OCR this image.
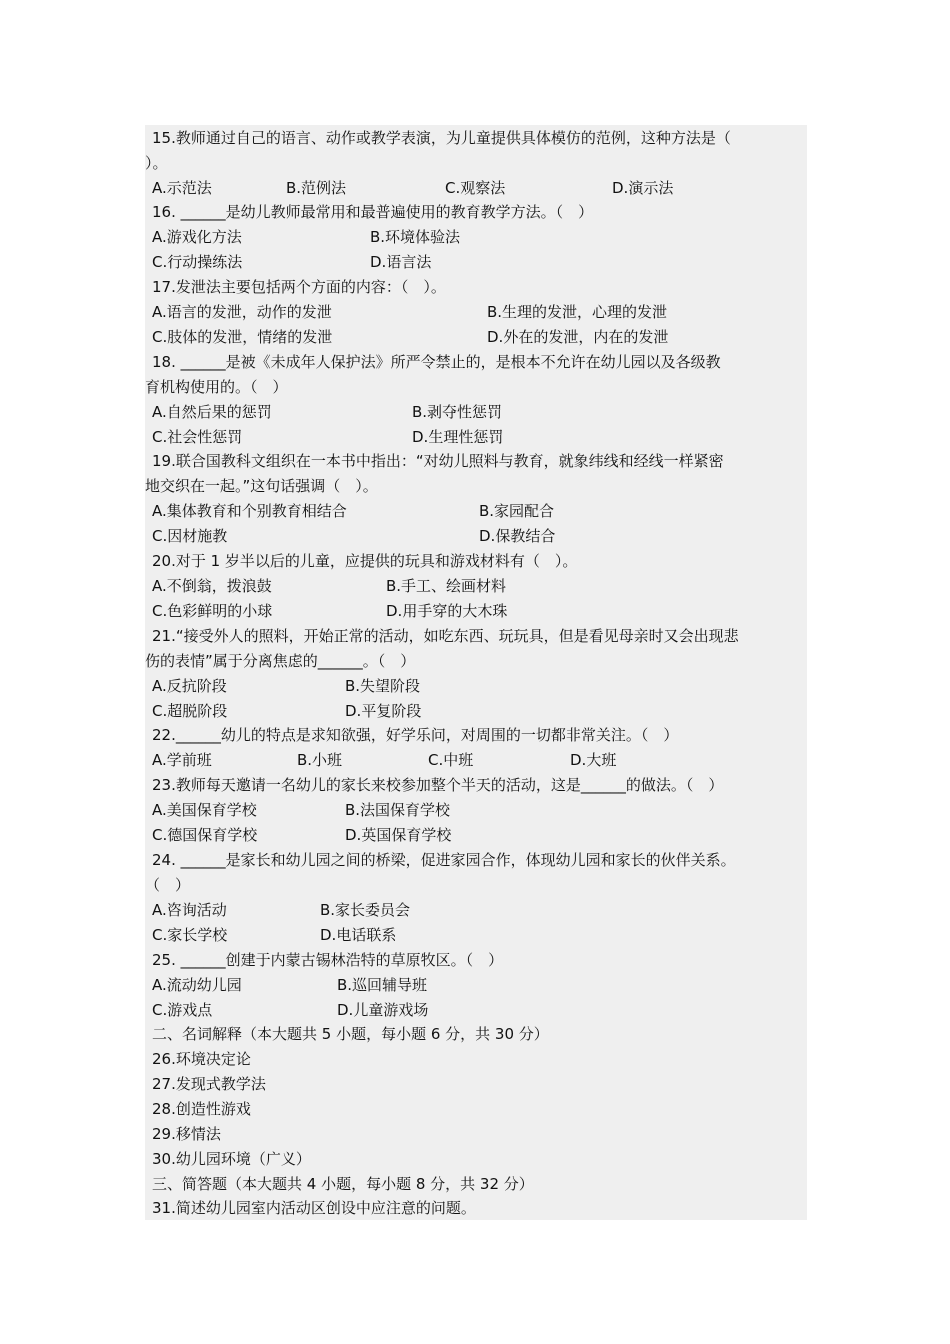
15.教师通过自己的语言、动作或教学表演，为儿童提供具体模仿的范例，这种方法是（
）。
A.示范法	B.范例法	C.观察法	D.演示法
16. ______是幼儿教师最常用和最普遍使用的教育教学方法。（　）
A.游戏化方法	B.环境体验法
C.行动操练法	D.语言法
17.发泄法主要包括两个方面的内容：（　）。
A.语言的发泄，动作的发泄	B.生理的发泄，心理的发泄
C.肢体的发泄，情绪的发泄	D.外在的发泄，内在的发泄
18. ______是被《未成年人保护法》所严令禁止的，是根本不允许在幼儿园以及各级教
育机构使用的。（　）
A.自然后果的惩罚	B.剥夺性惩罚
C.社会性惩罚	D.生理性惩罚
19.联合国教科文组织在一本书中指出：“对幼儿照料与教育，就象纬线和经线一样紧密
地交织在一起。”这句话强调（　）。
A.集体教育和个别教育相结合	B.家园配合
C.因材施教	D.保教结合
20.对于 1 岁半以后的儿童，应提供的玩具和游戏材料有（　）。
A.不倒翁，拨浪鼓	B.手工、绘画材料
C.色彩鲜明的小球	D.用手穿的大木珠
21.“接受外人的照料，开始正常的活动，如吃东西、玩玩具，但是看见母亲时又会出现悲
伤的表情”属于分离焦虑的______。（　）
A.反抗阶段	B.失望阶段
C.超脱阶段	D.平复阶段
22.______幼儿的特点是求知欲强，好学乐问，对周围的一切都非常关注。（　）
A.学前班	B.小班	C.中班	D.大班
23.教师每天邀请一名幼儿的家长来校参加整个半天的活动，这是______的做法。（　）
A.美国保育学校	B.法国保育学校
C.德国保育学校	D.英国保育学校
24. ______是家长和幼儿园之间的桥梁，促进家园合作，体现幼儿园和家长的伙伴关系。
（　）
A.咨询活动	B.家长委员会
C.家长学校	D.电话联系
25. ______创建于内蒙古锡林浩特的草原牧区。（　）
A.流动幼儿园	B.巡回辅导班
C.游戏点	D.儿童游戏场
二、名词解释（本大题共 5 小题，每小题 6 分，共 30 分）
26.环境决定论
27.发现式教学法
28.创造性游戏
29.移情法
30.幼儿园环境（广义）
三、简答题（本大题共 4 小题，每小题 8 分，共 32 分）
31.简述幼儿园室内活动区创设中应注意的问题。
